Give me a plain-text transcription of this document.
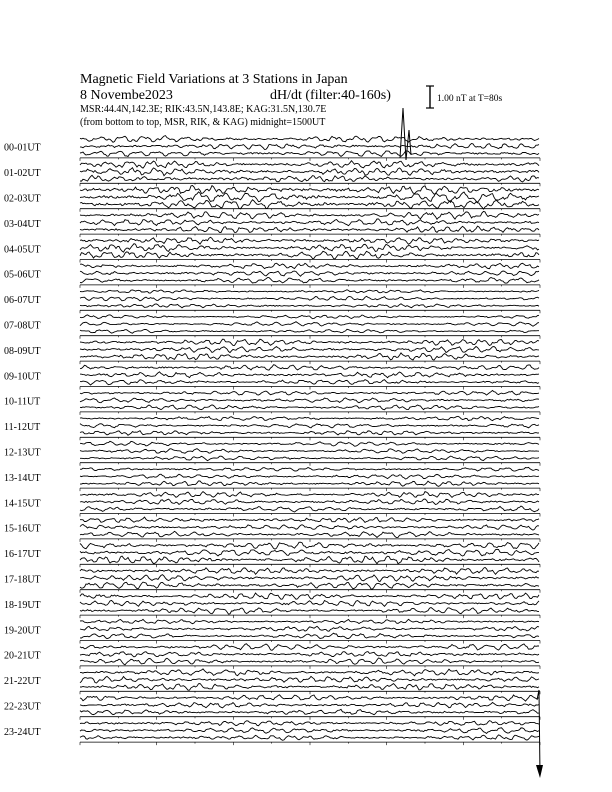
Magnetic Field Variations at 3 Stations in Japan
8 Novembe2023	dH/dt (filter:40-160s)
MSR:44.4N,142.3E; RIK:43.5N,143.8E; KAG:31.5N,130.7E
(from bottom to top, MSR, RIK, & KAG) midnight=1500UT
1.00 nT at T=80s
00-01UT
01-02UT
02-03UT
03-04UT
04-05UT
05-06UT
06-07UT
07-08UT
08-09UT
09-10UT
10-11UT
11-12UT
12-13UT
13-14UT
14-15UT
15-16UT
16-17UT
17-18UT
18-19UT
19-20UT
20-21UT
21-22UT
22-23UT
23-24UT
